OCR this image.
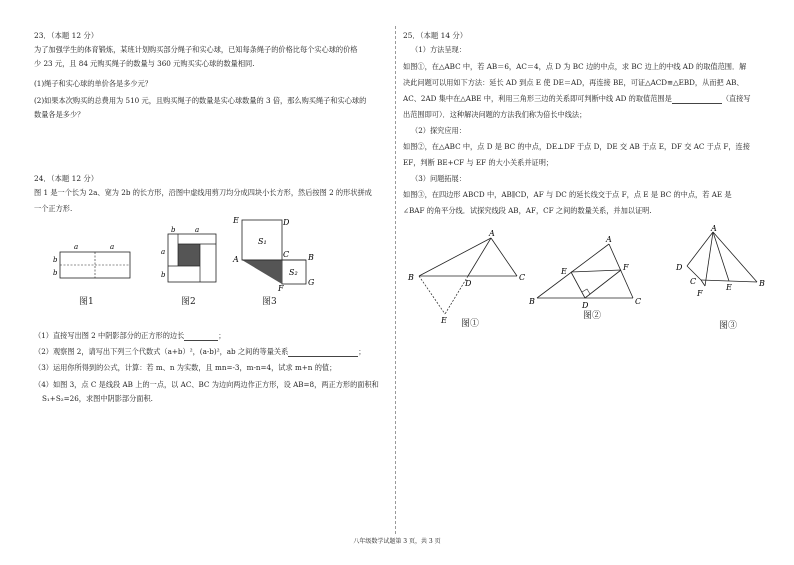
23．（本题 12 分）
为了加强学生的体育锻炼，某班计划购买部分绳子和实心球，已知每条绳子的价格比每个实心球的价格
少 23 元，且 84 元购买绳子的数量与 360 元购买实心球的数量相同.
(1)绳子和实心球的单价各是多少元？
(2)如果本次购买的总费用为 510 元，且购买绳子的数量是实心球数量的 3 倍，那么购买绳子和实心球的
数量各是多少？
24．（本题 12 分）
图 1 是一个长为 2a、宽为 2b 的长方形，沿图中虚线用剪刀均分成四块小长方形，然后按图 2 的形状拼成
一个正方形.
a	a
b
b
图1
b	a
a
b
图2
E	D
S₁
A
C B
S₂
F
G
图3
（1）直接写出图 2 中阴影部分的正方形的边长	；
（2）观察图 2，请写出下列三个代数式（a+b）²，(a-b)²，ab 之间的等量关系	；
（3）运用你所得到的公式，计算：若 m、n 为实数，且 mn=-3，m-n=4，试求 m+n 的值；
（4）如图 3，点 C 是线段 AB 上的一点，以 AC、BC 为边向两边作正方形，设 AB=8，两正方形的面积和
S₁+S₂=26，求图中阴影部分面积.
25．（本题 14 分）
（1）方法呈现：
如图①，在△ABC 中，若 AB＝6，AC＝4，点 D 为 BC 边的中点，求 BC 边上的中线 AD 的取值范围．解
决此问题可以用如下方法：延长 AD 到点 E 使 DE＝AD，再连接 BE，可证△ACD≌△EBD，从而把 AB、
AC、2AD 集中在△ABE 中，利用三角形三边的关系即可判断中线 AD 的取值范围是	（直接写
出范围即可）．这种解决问题的方法我们称为倍长中线法；
（2）探究应用：
如图②，在△ABC 中，点 D 是 BC 的中点，DE⊥DF 于点 D，DE 交 AB 于点 E，DF 交 AC 于点 F，连接
EF，判断 BE+CF 与 EF 的大小关系并证明；
（3）问题拓展：
如图③，在四边形 ABCD 中，AB∥CD，AF 与 DC 的延长线交于点 F，点 E 是 BC 的中点，若 AE 是
∠BAF 的角平分线．试探究线段 AB，AF，CF 之间的数量关系，并加以证明.
A
B
D
C
E 图①
A
E	F
D
B	C
图②
A
D
C
F
E	B
图③
八年级数学试题第 3 页，共 3 页
